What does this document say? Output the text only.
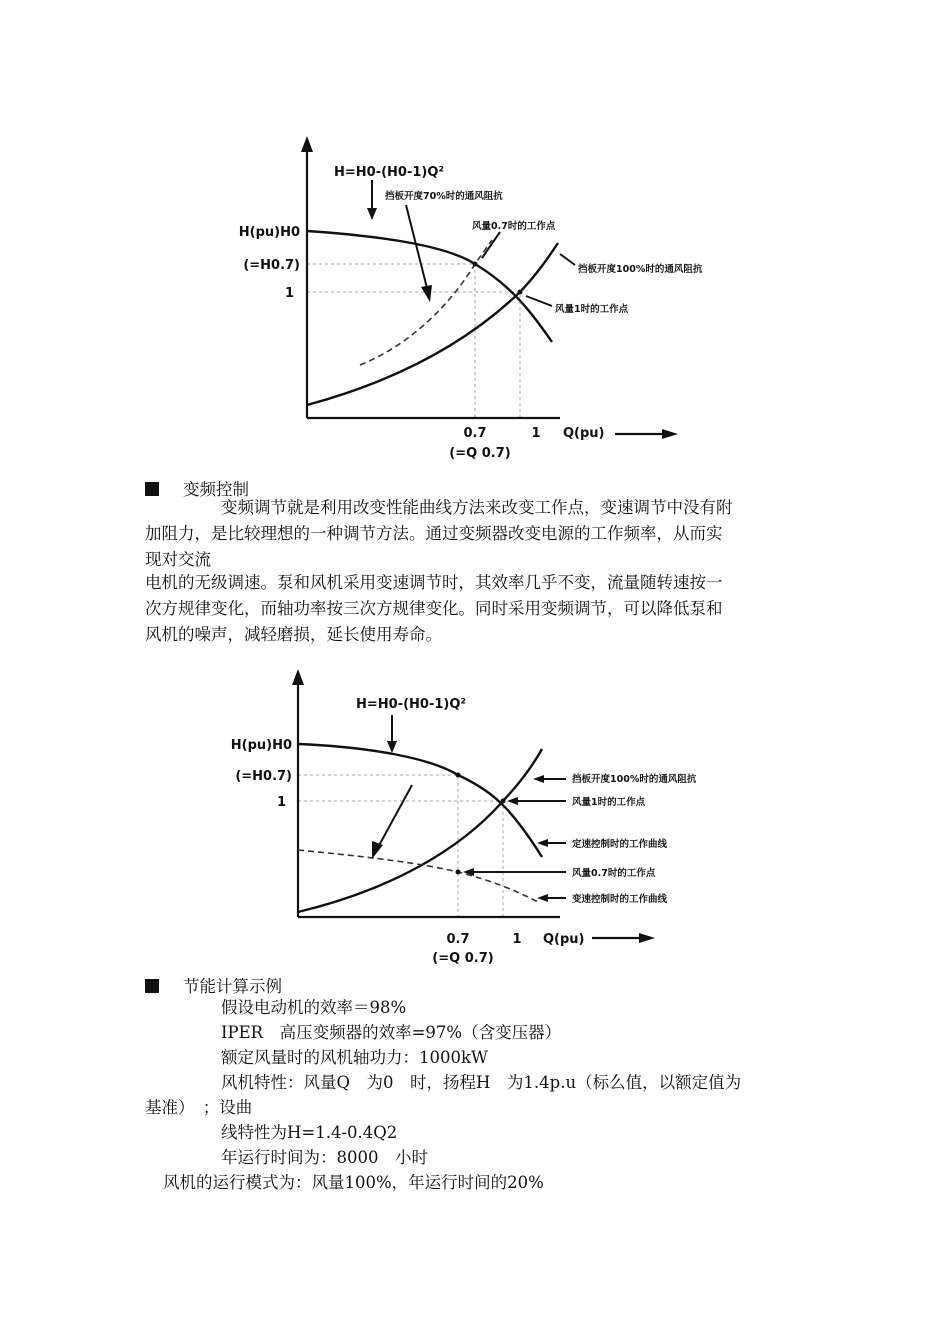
H=H0-(H0-1)Q²
挡板开度70%时的通风阻抗
风量0.7时的工作点
挡板开度100%时的通风阻抗
风量1时的工作点
H(pu)H0
(=H0.7)
1
0.7
(=Q 0.7)
1 Q(pu)
变频控制
变频调节就是利用改变性能曲线方法来改变工作点，变速调节中没有附
加阻力，是比较理想的一种调节方法。通过变频器改变电源的工作频率，从而实
现对交流
电机的无级调速。泵和风机采用变速调节时，其效率几乎不变，流量随转速按一
次方规律变化，而轴功率按三次方规律变化。同时采用变频调节，可以降低泵和
风机的噪声，减轻磨损，延长使用寿命。
H=H0-(H0-1)Q²
挡板开度100%时的通风阻抗
风量1时的工作点
定速控制时的工作曲线
风量0.7时的工作点
变速控制时的工作曲线
H(pu)H0
(=H0.7)
1
0.7
(=Q 0.7)
1 Q(pu)
节能计算示例
假设电动机的效率＝98%
IPER　高压变频器的效率=97%（含变压器）
额定风量时的风机轴功力：1000kW
风机特性：风量Q　为0　时，扬程H　为1.4p.u（标么值，以额定值为
基准）　；设曲
线特性为H=1.4-0.4Q2
年运行时间为：8000　小时
风机的运行模式为：风量100%，年运行时间的20%
